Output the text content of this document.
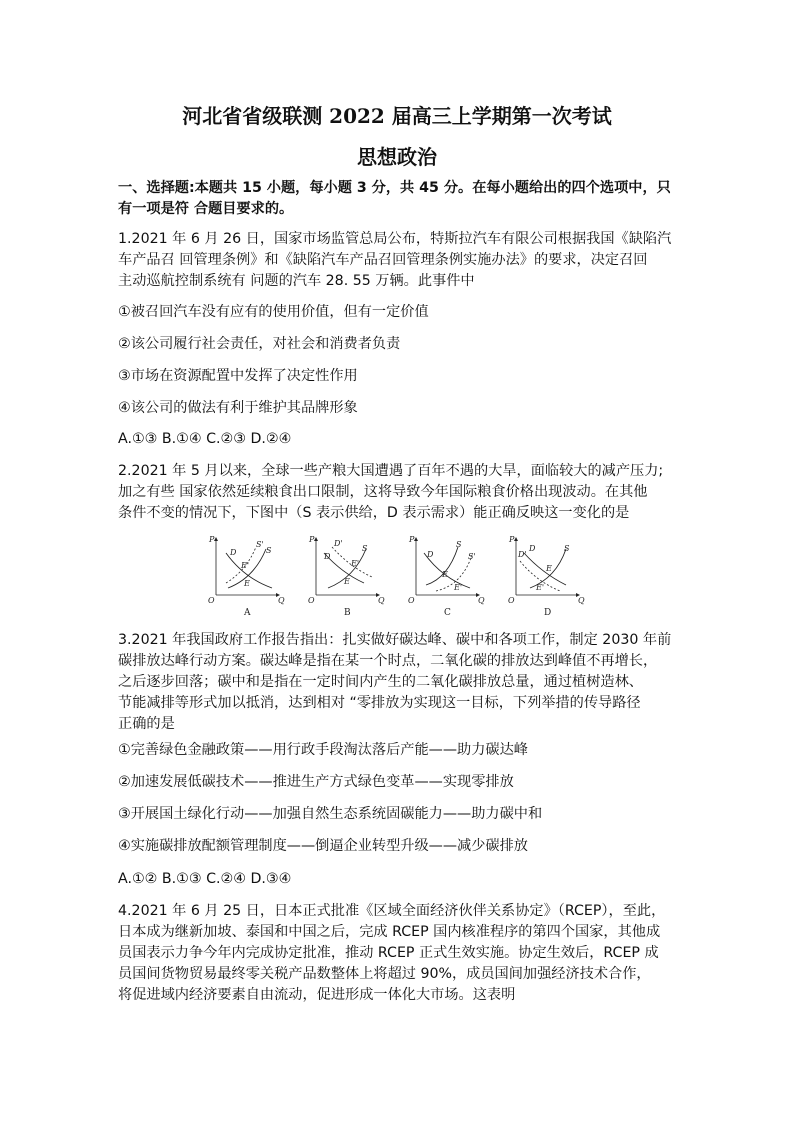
河北省省级联测 2022 届高三上学期第一次考试
思想政治
一、选择题:本题共 15 小题，每小题 3 分，共 45 分。在每小题给出的四个选项中，只
有一项是符 合题目要求的。
1.2021 年 6 月 26 日，国家市场监管总局公布，特斯拉汽车有限公司根据我国《缺陷汽
车产品召 回管理条例》和《缺陷汽车产品召回管理条例实施办法》的要求，决定召回
主动巡航控制系统有 问题的汽车 28. 55 万辆。此事件中
①被召回汽车没有应有的使用价值，但有一定价值
②该公司履行社会责任，对社会和消费者负责
③市场在资源配置中发挥了决定性作用
④该公司的做法有利于维护其品牌形象
A.①③ B.①④ C.②③ D.②④
2.2021 年 5 月以来，全球一些产粮大国遭遇了百年不遇的大旱，面临较大的减产压力;
加之有些 国家依然延续粮食出口限制，这将导致今年国际粮食价格出现波动。在其他
条件不变的情况下，下图中（S 表示供给，D 表示需求）能正确反映这一变化的是
P
Q
O
D
S'
S
E'
E
A
P
Q
O
D
D'
S
E'
E
B
P
Q
O
D
S
S'
E
E'
C
P
Q
O
D'
D	S
E
E'
D
3.2021 年我国政府工作报告指出：扎实做好碳达峰、碳中和各项工作，制定 2030 年前
碳排放达峰行动方案。碳达峰是指在某一个时点，二氧化碳的排放达到峰值不再增长，
之后逐步回落；碳中和是指在一定时间内产生的二氧化碳排放总量，通过植树造林、
节能减排等形式加以抵消，达到相对 “零排放为实现这一目标，下列举措的传导路径
正确的是
①完善绿色金融政策——用行政手段淘汰落后产能——助力碳达峰
②加速发展低碳技术——推进生产方式绿色变革——实现零排放
③开展国土绿化行动——加强自然生态系统固碳能力——助力碳中和
④实施碳排放配额管理制度——倒逼企业转型升级——减少碳排放
A.①② B.①③ C.②④ D.③④
4.2021 年 6 月 25 日，日本正式批准《区域全面经济伙伴关系协定》（RCEP），至此，
日本成为继新加坡、泰国和中国之后，完成 RCEP 国内核准程序的第四个国家，其他成
员国表示力争今年内完成协定批准，推动 RCEP 正式生效实施。协定生效后，RCEP 成
员国间货物贸易最终零关税产品数整体上将超过 90%，成员国间加强经济技术合作，
将促进域内经济要素自由流动，促进形成一体化大市场。这表明
